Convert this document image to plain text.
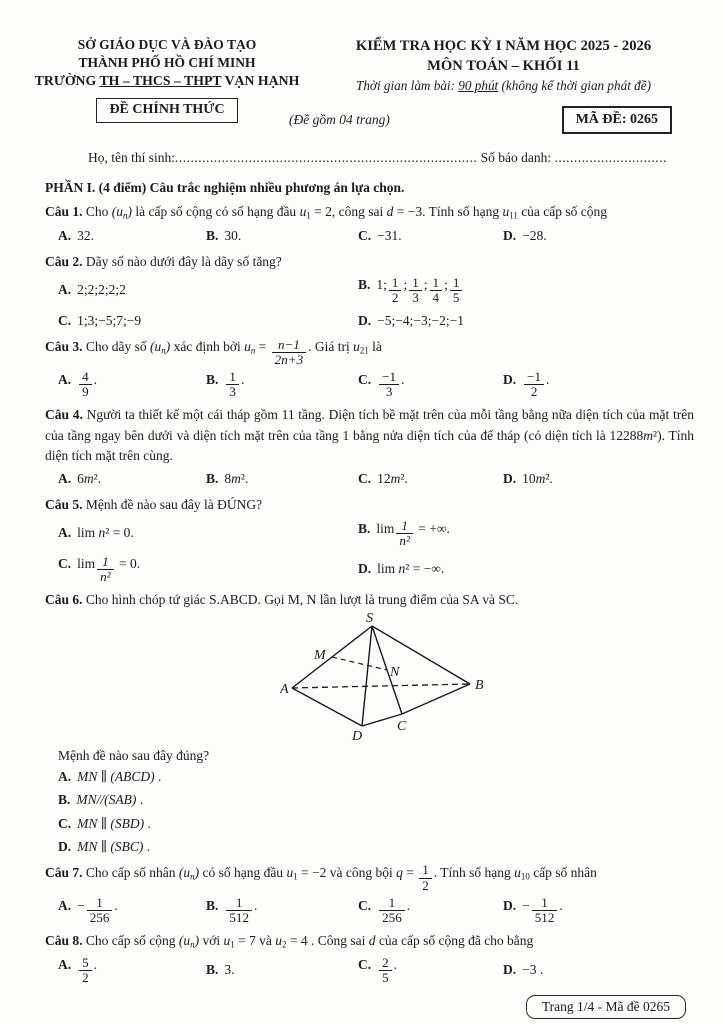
SỞ GIÁO DỤC VÀ ĐÀO TẠO
THÀNH PHỐ HỒ CHÍ MINH
TRƯỜNG TH – THCS – THPT VẠN HẠNH
ĐỀ CHÍNH THỨC
KIỂM TRA HỌC KỲ I NĂM HỌC 2025 - 2026
MÔN TOÁN – KHỐI 11
Thời gian làm bài: 90 phút (không kể thời gian phát đề)
(Đề gồm 04 trang)	MÃ ĐỀ: 0265
Họ, tên thí sinh:.............................................................................. Số báo danh: .............................
PHẦN I. (4 điểm) Câu trắc nghiệm nhiều phương án lựa chọn.
Câu 1. Cho (un) là cấp số cộng có số hạng đầu u1 = 2, công sai d = −3. Tính số hạng u11 của cấp số cộng
A. 32.	B. 30.	C. −31.	D. −28.
Câu 2. Dãy số nào dưới đây là dãy số tăng?
A. 2;2;2;2;2	B. 1; $\frac{1}{2}$ ; $\frac{1}{3}$ ; $\frac{1}{4}$ ; $\frac{1}{5}$
C. 1;3;−5;7;−9	D. −5;−4;−3;−2;−1
Câu 3. Cho dãy số (un) xác định bởi un = $\frac{n-1}{2n+3}$ . Giá trị u21 là
A. $\frac{4}{9}$ .	B. $\frac{1}{3}$ .	C. $\frac{-1}{3}$ .	D. $\frac{-1}{2}$ .
Câu 4. Người ta thiết kế một cái tháp gồm 11 tầng. Diện tích bề mặt trên của mỗi tầng bằng nữa diện tích của mặt trên của tầng ngay bên dưới và diện tích mặt trên của tầng 1 bằng nửa diện tích của đế tháp (có diện tích là 12288m²). Tính diện tích mặt trên cùng.
A. 6m².	B. 8m².	C. 12m².	D. 10m².
Câu 5. Mệnh đề nào sau đây là ĐÚNG?
A. lim n² = 0.	B. $\lim \frac{1}{\text{n²}}$ = +∞.
C. $\lim \frac{1}{\text{n²}} = 0$.	D. lim n² = −∞.
Câu 6. Cho hình chóp tứ giác S.ABCD. Gọi M, N lần lượt là trung điểm của SA và SC.
S
A	B
C
D
M
N
Mệnh đề nào sau đây đúng?
A. MN ∥ (ABCD) .
B. MN//(SAB) .
C. MN ∥ (SBD) .
D. MN ∥ (SBC) .
Câu 7. Cho cấp số nhân (un) có số hạng đầu u1 = −2 và công bội $q = \frac{1}{2}$ . Tính số hạng u10 cấp số nhân
A. − $\frac{1}{256}$ .	B. $\frac{1}{512}$ .	C. $\frac{1}{256}$ .	D. − $\frac{1}{512}$ .
Câu 8. Cho cấp số cộng (un) với u1 = 7 và u2 = 4 . Công sai d của cấp số cộng đã cho bằng
A. $\frac{5}{2}$ .	B. 3.	C. $\frac{2}{5}$ .	D. −3 .
Trang 1/4 - Mã đề 0265
